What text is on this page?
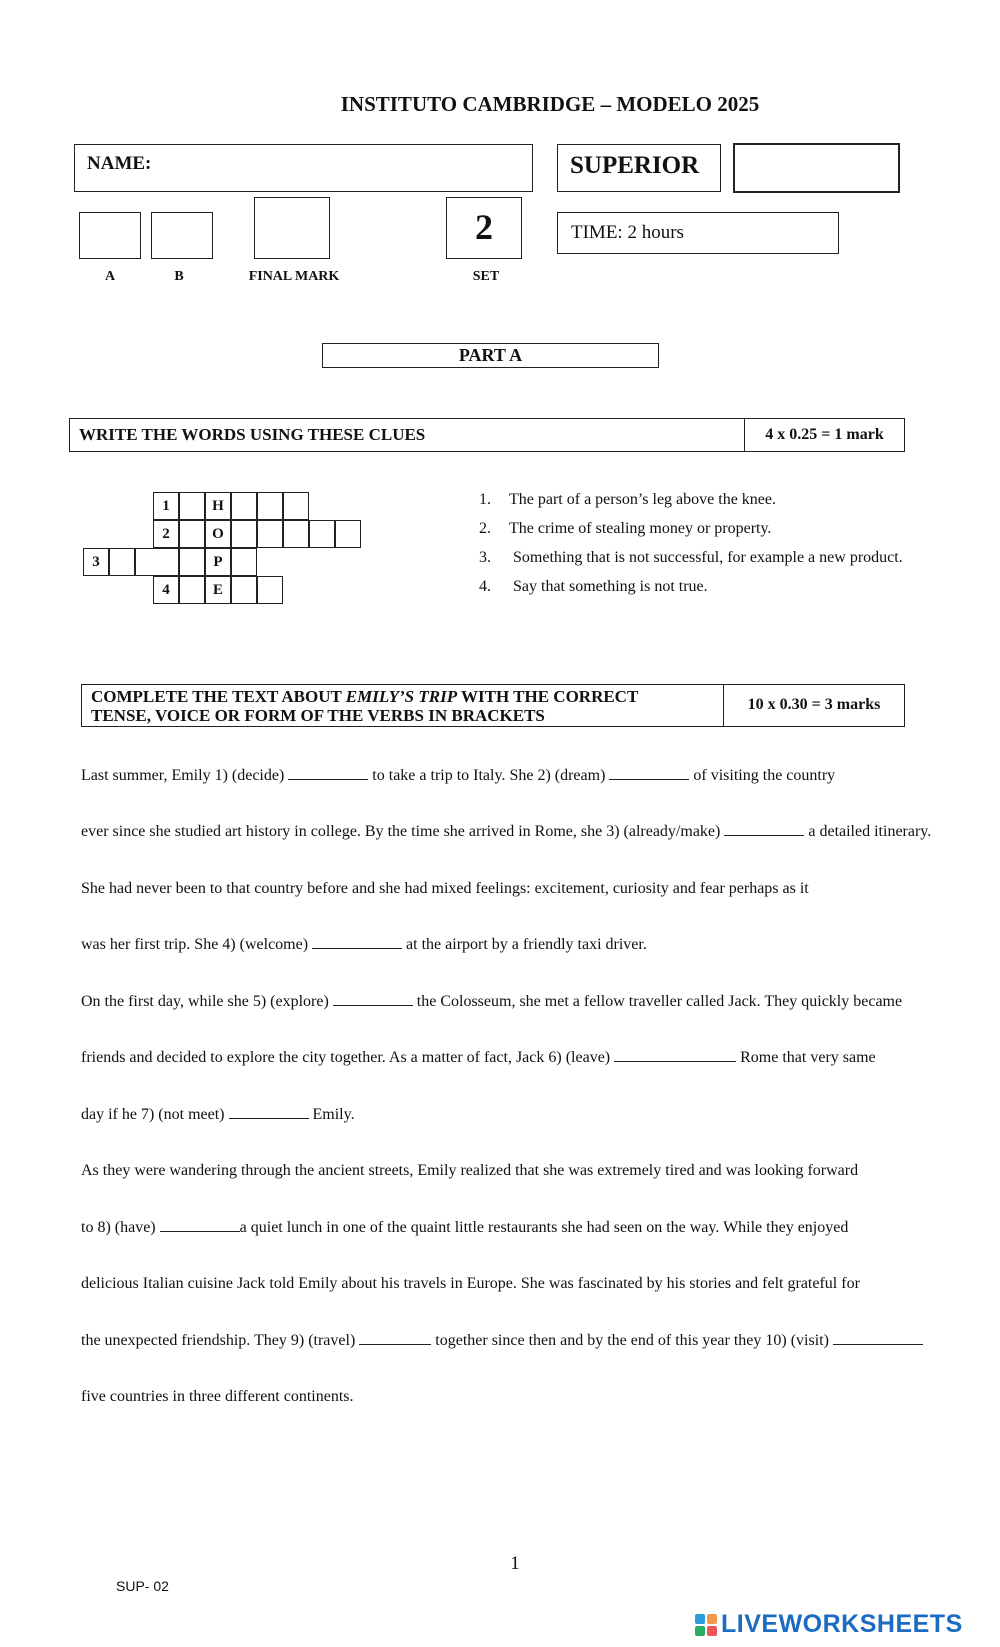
INSTITUTO CAMBRIDGE – MODELO 2025
NAME:	SUPERIOR
2	TIME: 2 hours
A	B	FINAL MARK	SET
PART A
WRITE THE WORDS USING THESE CLUES	4 x 0.25 = 1 mark
1	H
2	O
3	P
4	E
1. The part of a person’s leg above the knee.
2. The crime of stealing money or property.
3. Something that is not successful, for example a new product.
4. Say that something is not true.
COMPLETE THE TEXT ABOUT EMILY’S TRIP WITH THE CORRECT
TENSE, VOICE OR FORM OF THE VERBS IN BRACKETS
10 x 0.30 = 3 marks
Last summer, Emily 1) (decide)	to take a trip to Italy. She 2) (dream)	of visiting the country
ever since she studied art history in college. By the time she arrived in Rome, she 3) (already/make)	a detailed itinerary.
She had never been to that country before and she had mixed feelings: excitement, curiosity and fear perhaps as it
was her first trip. She 4) (welcome)	at the airport by a friendly taxi driver.
On the first day, while she 5) (explore)	the Colosseum, she met a fellow traveller called Jack. They quickly became
friends and decided to explore the city together. As a matter of fact, Jack 6) (leave)	Rome that very same
day if he 7) (not meet)	Emily.
As they were wandering through the ancient streets, Emily realized that she was extremely tired and was looking forward
to 8) (have)	a quiet lunch in one of the quaint little restaurants she had seen on the way. While they enjoyed
delicious Italian cuisine Jack told Emily about his travels in Europe. She was fascinated by his stories and felt grateful for
the unexpected friendship. They 9) (travel)	together since then and by the end of this year they 10) (visit)
five countries in three different continents.
1
SUP- 02
LIVEWORKSHEETS
